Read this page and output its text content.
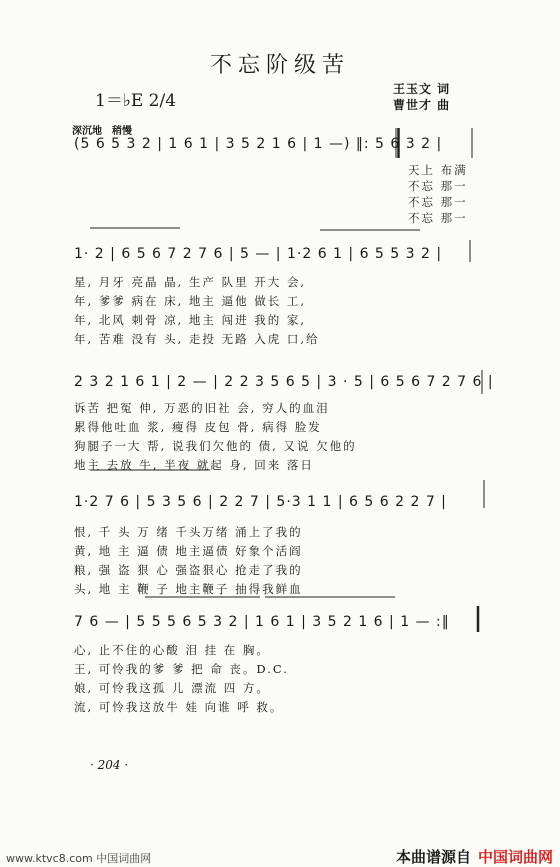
不忘阶级苦
王玉文 词
曹世才 曲
1＝♭E 2/4
深沉地　稍慢
(5 6 5 3 2 | 1 6 1 | 3 5 2 1 6 | 1 —) ‖: 5 6 3 2 |
天上 布满
不忘 那一
不忘 那一
不忘 那一
1· 2 | 6 5 6 7 2 7 6 | 5 — | 1·2 6 1 | 6 5 5 3 2 |
星, 月牙 亮晶 晶, 生产 队里 开大 会,
年, 爹爹 病在 床, 地主 逼他 做长 工,
年, 北风 刺骨 凉, 地主 闯进 我的 家,
年, 苦难 没有 头, 走投 无路 入虎 口,给
2 3 2 1 6 1 | 2 — | 2 2 3 5 6 5 | 3 · 5 | 6 5 6 7 2 7 6 |
诉苦 把冤 伸, 万恶的旧社 会, 穷人的血泪
累得他吐血 浆, 瘦得 皮包 骨, 病得 脸发
狗腿子一大 帮, 说我们欠他的 债, 又说 欠他的
地主 去放 牛, 半夜 就起 身, 回来 落日
1·2 7 6 | 5 3 5 6 | 2 2 7 | 5·3 1 1 | 6 5 6 2 2 7 |
恨, 千 头 万 绪 千头万绪 涌上了我的
黄, 地 主 逼 债 地主逼债 好象个活阎
粮, 强 盗 狠 心 强盗狠心 抢走了我的
头, 地 主 鞭 子 地主鞭子 抽得我鲜血
7 6 — | 5 5 5 6 5 3 2 | 1 6 1 | 3 5 2 1 6 | 1 — :‖
心, 止不住的心酸 泪 挂 在 胸。
王, 可怜我的爹 爹 把 命 丧。D.C.
娘, 可怜我这孤 儿 漂流 四 方。
流, 可怜我这放牛 娃 向谁 呼 救。
· 204 ·
www.ktvc8.com 中国词曲网	本曲谱源自 中国词曲网
